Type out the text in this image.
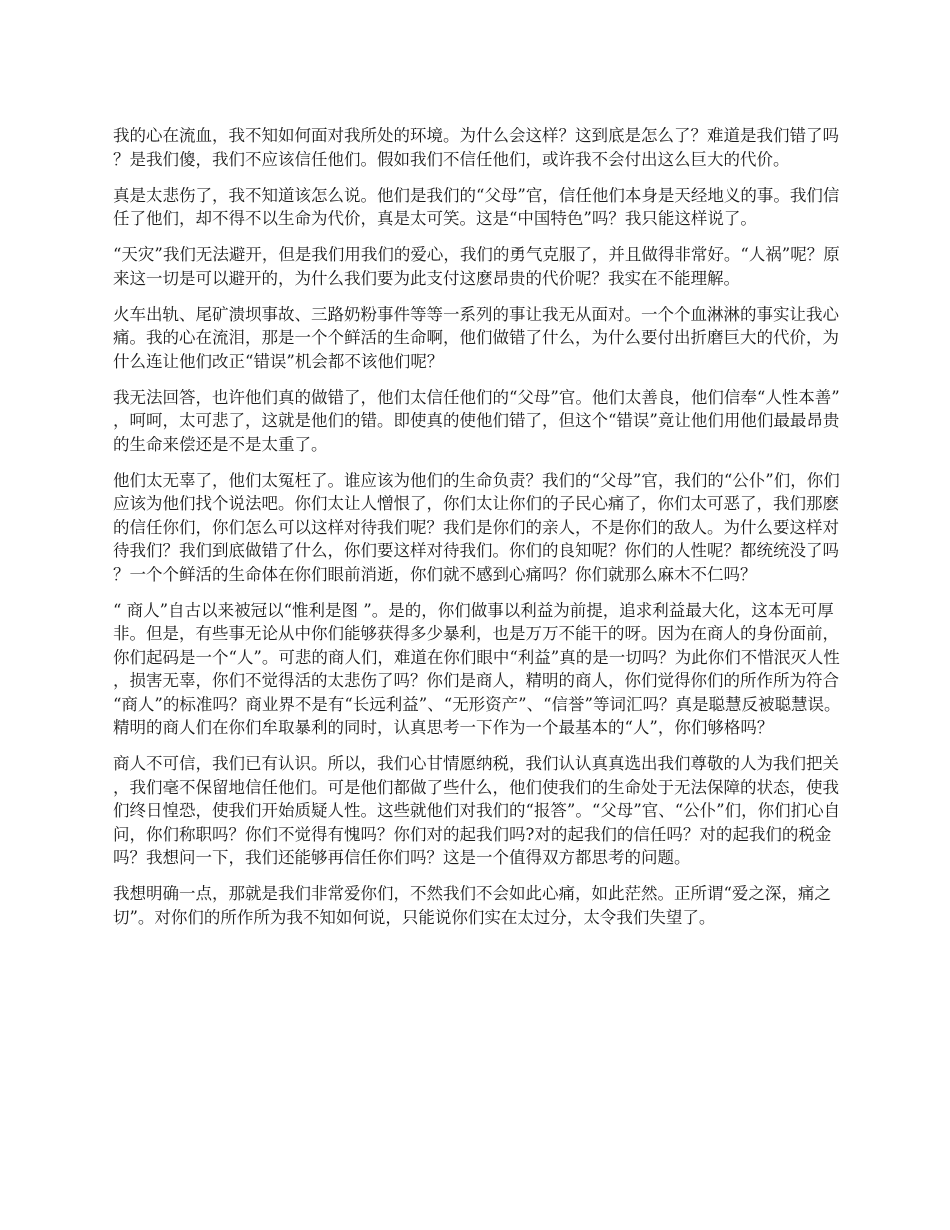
我的心在流血，我不知如何面对我所处的环境。为什么会这样？这到底是怎么了？难道是我们错了吗？是我们傻，我们不应该信任他们。假如我们不信任他们，或许我不会付出这么巨大的代价。

真是太悲伤了，我不知道该怎么说。他们是我们的“父母”官，信任他们本身是天经地义的事。我们信任了他们，却不得不以生命为代价，真是太可笑。这是“中国特色”吗？我只能这样说了。

“天灾”我们无法避开，但是我们用我们的爱心，我们的勇气克服了，并且做得非常好。“人祸”呢？原来这一切是可以避开的，为什么我们要为此支付这麽昂贵的代价呢？我实在不能理解。

火车出轨、尾矿溃坝事故、三路奶粉事件等等一系列的事让我无从面对。一个个血淋淋的事实让我心痛。我的心在流泪，那是一个个鲜活的生命啊，他们做错了什么，为什么要付出折磨巨大的代价，为什么连让他们改正“错误”机会都不该他们呢？

我无法回答，也许他们真的做错了，他们太信任他们的“父母”官。他们太善良，他们信奉“人性本善”，呵呵，太可悲了，这就是他们的错。即使真的使他们错了，但这个“错误”竟让他们用他们最最昂贵的生命来偿还是不是太重了。

他们太无辜了，他们太冤枉了。谁应该为他们的生命负责？我们的“父母”官，我们的“公仆”们，你们应该为他们找个说法吧。你们太让人憎恨了，你们太让你们的子民心痛了，你们太可恶了，我们那麽的信任你们，你们怎么可以这样对待我们呢？我们是你们的亲人，不是你们的敌人。为什么要这样对待我们？我们到底做错了什么，你们要这样对待我们。你们的良知呢？你们的人性呢？都统统没了吗？一个个鲜活的生命体在你们眼前消逝，你们就不感到心痛吗？你们就那么麻木不仁吗？

“ 商人”自古以来被冠以“惟利是图 ”。是的，你们做事以利益为前提，追求利益最大化，这本无可厚非。但是，有些事无论从中你们能够获得多少暴利，也是万万不能干的呀。因为在商人的身份面前，你们起码是一个“人”。可悲的商人们，难道在你们眼中“利益”真的是一切吗？为此你们不惜泯灭人性，损害无辜，你们不觉得活的太悲伤了吗？你们是商人，精明的商人，你们觉得你们的所作所为符合“商人”的标准吗？商业界不是有“长远利益”、“无形资产”、“信誉”等词汇吗？真是聪慧反被聪慧误。精明的商人们在你们牟取暴利的同时，认真思考一下作为一个最基本的“人”，你们够格吗？

商人不可信，我们已有认识。所以，我们心甘情愿纳税，我们认认真真选出我们尊敬的人为我们把关，我们毫不保留地信任他们。可是他们都做了些什么，他们使我们的生命处于无法保障的状态，使我们终日惶恐，使我们开始质疑人性。这些就他们对我们的“报答”。“父母”官、“公仆”们，你们扪心自问，你们称职吗？你们不觉得有愧吗？你们对的起我们吗?对的起我们的信任吗？对的起我们的税金吗？我想问一下，我们还能够再信任你们吗？这是一个值得双方都思考的问题。

我想明确一点，那就是我们非常爱你们，不然我们不会如此心痛，如此茫然。正所谓“爱之深，痛之切”。对你们的所作所为我不知如何说，只能说你们实在太过分，太令我们失望了。
